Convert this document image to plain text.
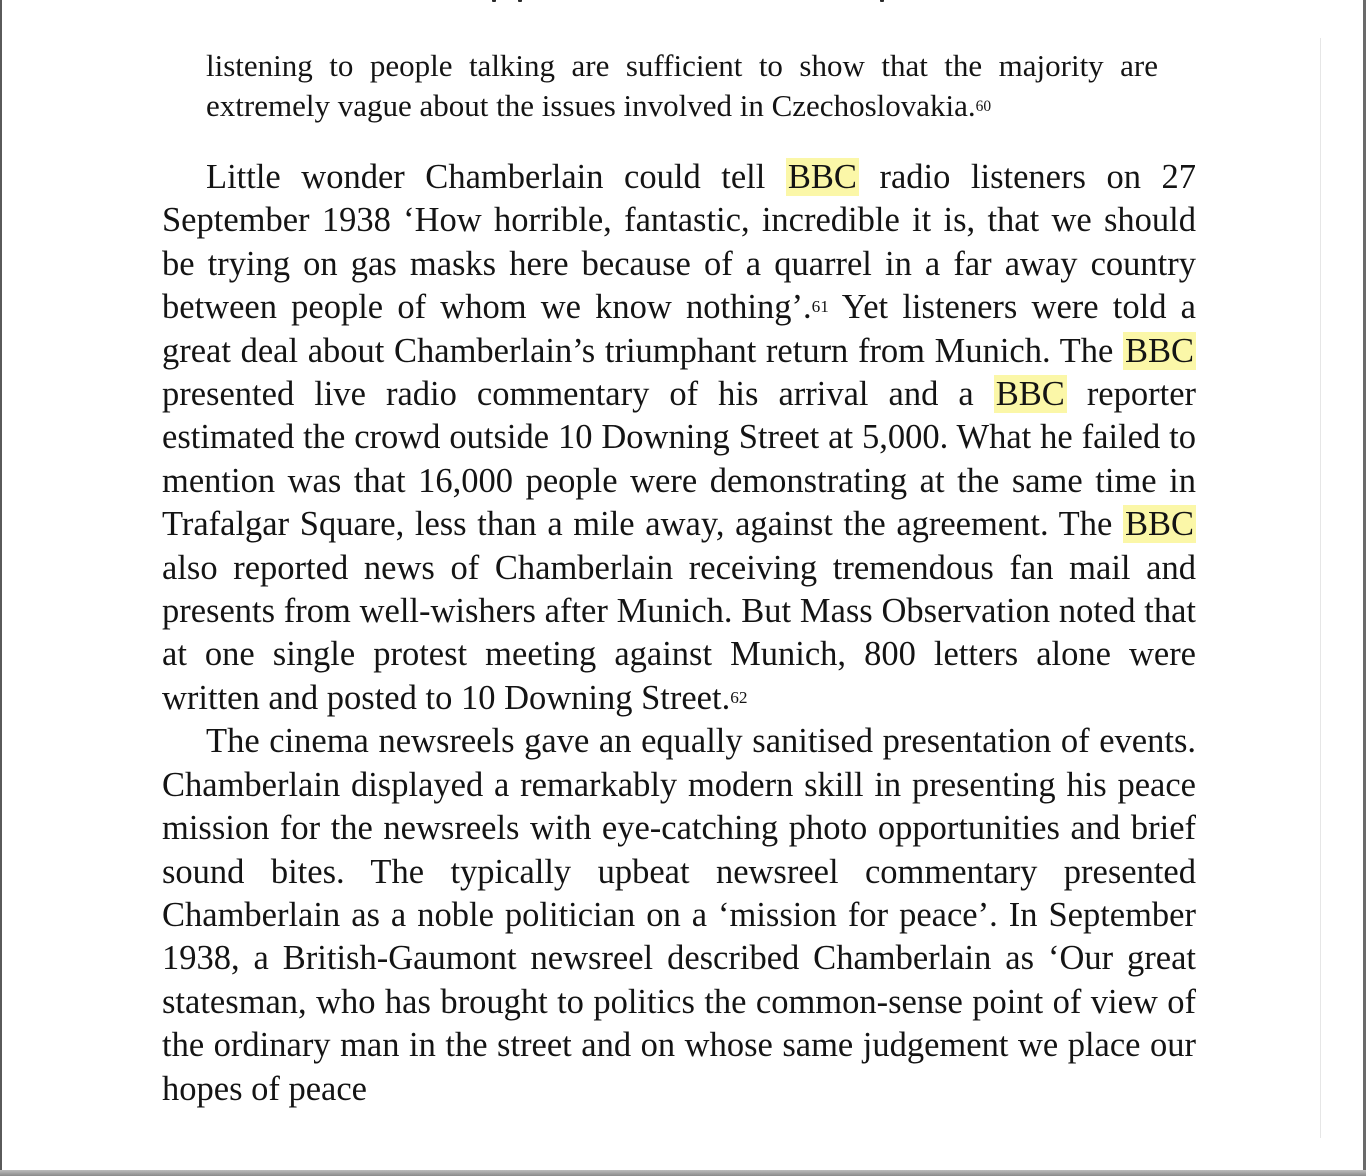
listening to people talking are sufficient to show that the majority are extremely vague about the issues involved in Czechoslovakia.$^{60}$

Little wonder Chamberlain could tell BBC radio listeners on 27 September 1938 ‘How horrible, fantastic, incredible it is, that we should be trying on gas masks here because of a quarrel in a far away country between people of whom we know nothing’.$^{61}$ Yet listeners were told a great deal about Chamberlain’s triumphant return from Munich. The BBC presented live radio commentary of his arrival and a BBC reporter estimated the crowd outside 10 Downing Street at 5,000. What he failed to mention was that 16,000 people were demonstrating at the same time in Trafalgar Square, less than a mile away, against the agreement. The BBC also reported news of Chamberlain receiving tremendous fan mail and presents from well-wishers after Munich. But Mass Observation noted that at one single protest meeting against Munich, 800 letters alone were written and posted to 10 Downing Street.$^{62}$

The cinema newsreels gave an equally sanitised presentation of events. Chamberlain displayed a remarkably modern skill in presenting his peace mission for the newsreels with eye-catching photo opportunities and brief sound bites. The typically upbeat newsreel commentary presented Chamberlain as a noble politician on a ‘mission for peace’. In September 1938, a British-Gaumont newsreel described Chamberlain as ‘Our great statesman, who has brought to politics the common-sense point of view of the ordinary man in the street and on whose same judgement we place our hopes of peace
